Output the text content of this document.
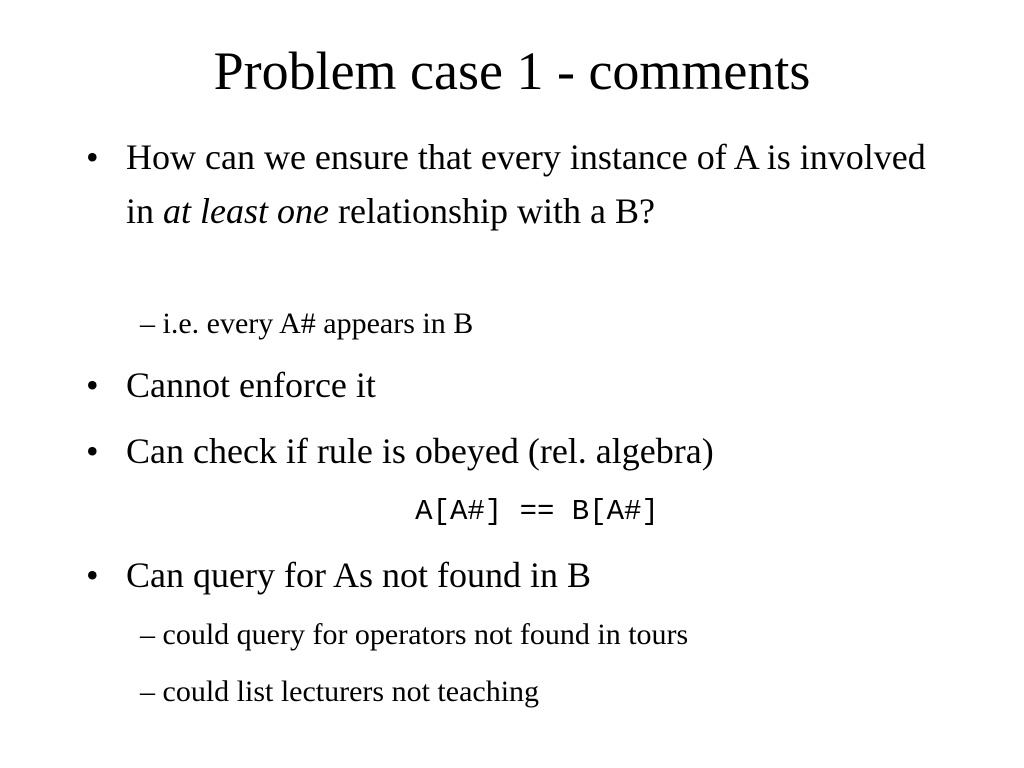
Problem case 1 - comments
• How can we ensure that every instance of A is involved in at least one relationship with a B?
– i.e. every A# appears in B
• Cannot enforce it
• Can check if rule is obeyed (rel. algebra)
A[A#] == B[A#]
• Can query for As not found in B
– could query for operators not found in tours
– could list lecturers not teaching
